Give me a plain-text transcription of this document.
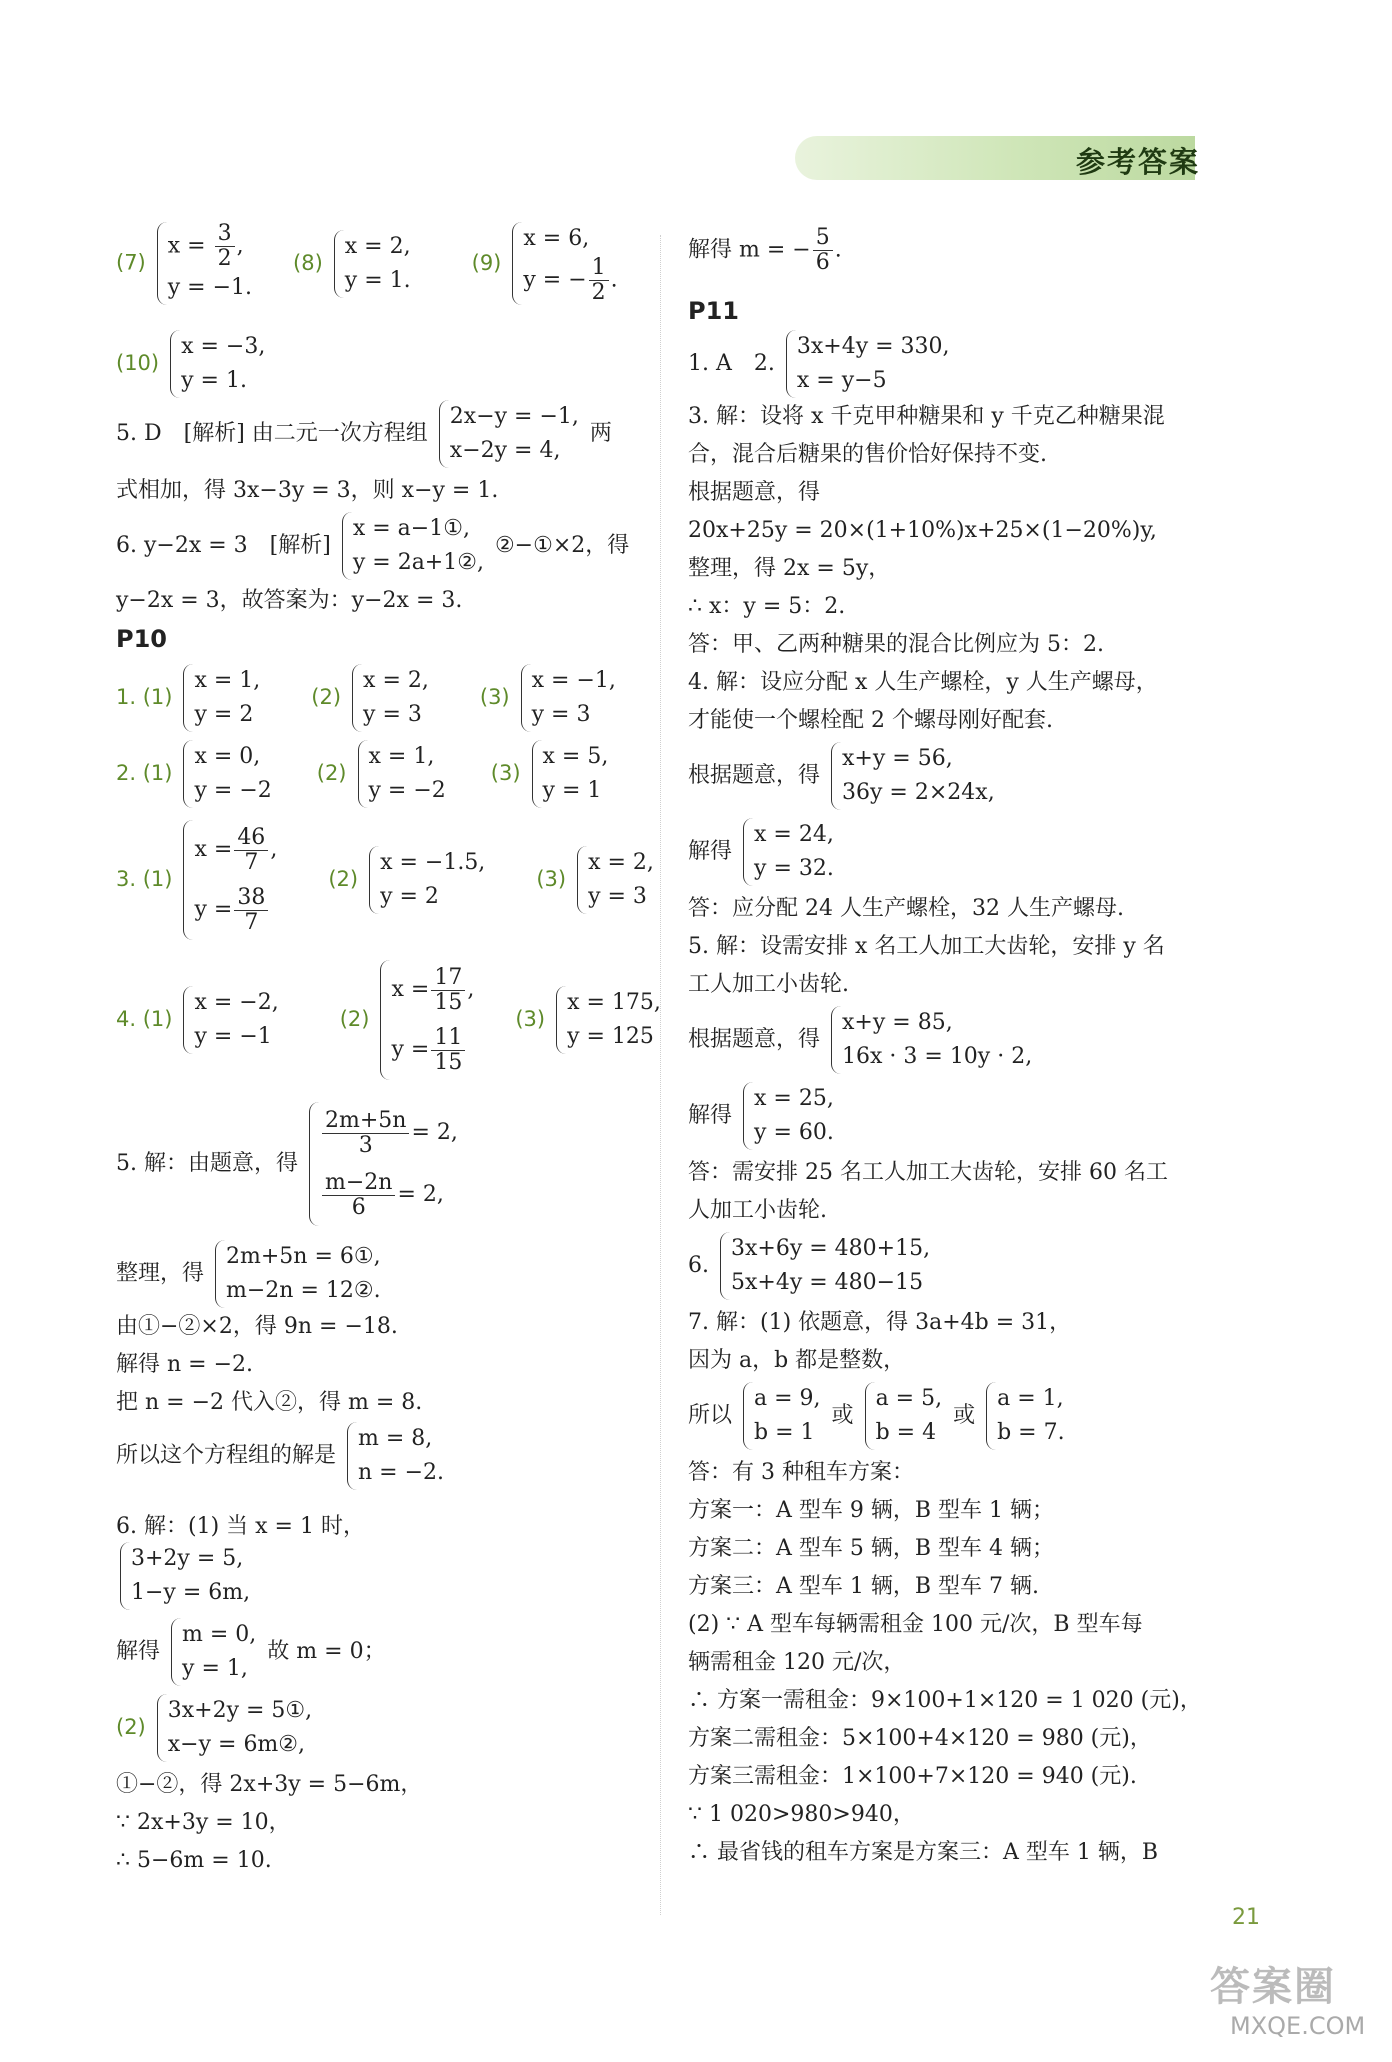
参考答案
(7)
$x = \frac{3}{2}$ ,
y = −1.
(8)
x = 2,
y = 1.
(9)
x = 6,
y = − $\frac{1}{2}$ .
(10)
x = −3,
y = 1.
5. D　[解析] 由二元一次方程组
2x−y = −1,
x−2y = 4,
两
式相加，得 3x−3y = 3，则 x−y = 1.
6. y−2x = 3　[解析]
x = a−1①,
y = 2a+1②,
②−①×2，得
y−2x = 3，故答案为：y−2x = 3.
P10
1. (1)
x = 1,
y = 2
(2)
x = 2,
y = 3
(3)
x = −1,
y = 3
2. (1)
x = 0,
y = −2
(2)
x = 1,
y = −2
(3)
x = 5,
y = 1
3. (1)
$x = \frac{46}{7}$ ,
$y = \frac{38}{7}$
(2)
x = −1.5,
y = 2
(3)
x = 2,
y = 3
4. (1)
x = −2,
y = −1
(2)
$x = \frac{17}{15}$ ,
$y = \frac{11}{15}$
(3)
x = 175,
y = 125
5. 解：由题意，得
$\frac{2m+5n}{3} = 2$,
$\frac{m-2n}{6} = 2$,
整理，得
2m+5n = 6①,
m−2n = 12②.
由①−②×2，得 9n = −18.
解得 n = −2.
把 n = −2 代入②，得 m = 8.
所以这个方程组的解是
m = 8,
n = −2.
6. 解：(1) 当 x = 1 时，
3+2y = 5,
1−y = 6m,
解得
m = 0,
y = 1,
故 m = 0；
(2)
3x+2y = 5①,
x−y = 6m②,
①−②，得 2x+3y = 5−6m，
∵ 2x+3y = 10，
∴ 5−6m = 10.
解得 m = − $\frac{5}{6}$ .
P11
1. A　2.
3x+4y = 330,
x = y−5
3. 解：设将 x 千克甲种糖果和 y 千克乙种糖果混
合，混合后糖果的售价恰好保持不变.
根据题意，得
20x+25y = 20×(1+10%)x+25×(1−20%)y,
整理，得 2x = 5y，
∴ x：y = 5：2.
答：甲、乙两种糖果的混合比例应为 5：2.
4. 解：设应分配 x 人生产螺栓，y 人生产螺母，
才能使一个螺栓配 2 个螺母刚好配套.
根据题意，得
x+y = 56,
36y = 2×24x,
解得
x = 24,
y = 32.
答：应分配 24 人生产螺栓，32 人生产螺母.
5. 解：设需安排 x 名工人加工大齿轮，安排 y 名
工人加工小齿轮.
根据题意，得
x+y = 85,
16x · 3 = 10y · 2,
解得
x = 25,
y = 60.
答：需安排 25 名工人加工大齿轮，安排 60 名工
人加工小齿轮.
6.
3x+6y = 480+15,
5x+4y = 480−15
7. 解：(1) 依题意，得 3a+4b = 31，
因为 a，b 都是整数，
所以
a = 9,
b = 1
或
a = 5,
b = 4
或
a = 1,
b = 7.
答：有 3 种租车方案：
方案一：A 型车 9 辆，B 型车 1 辆；
方案二：A 型车 5 辆，B 型车 4 辆；
方案三：A 型车 1 辆，B 型车 7 辆.
(2) ∵ A 型车每辆需租金 100 元/次，B 型车每
辆需租金 120 元/次，
∴ 方案一需租金：9×100+1×120 = 1 020 (元)，
方案二需租金：5×100+4×120 = 980 (元)，
方案三需租金：1×100+7×120 = 940 (元).
∵ 1 020>980>940，
∴ 最省钱的租车方案是方案三：A 型车 1 辆，B
21
答案圈
MXQE.COM
